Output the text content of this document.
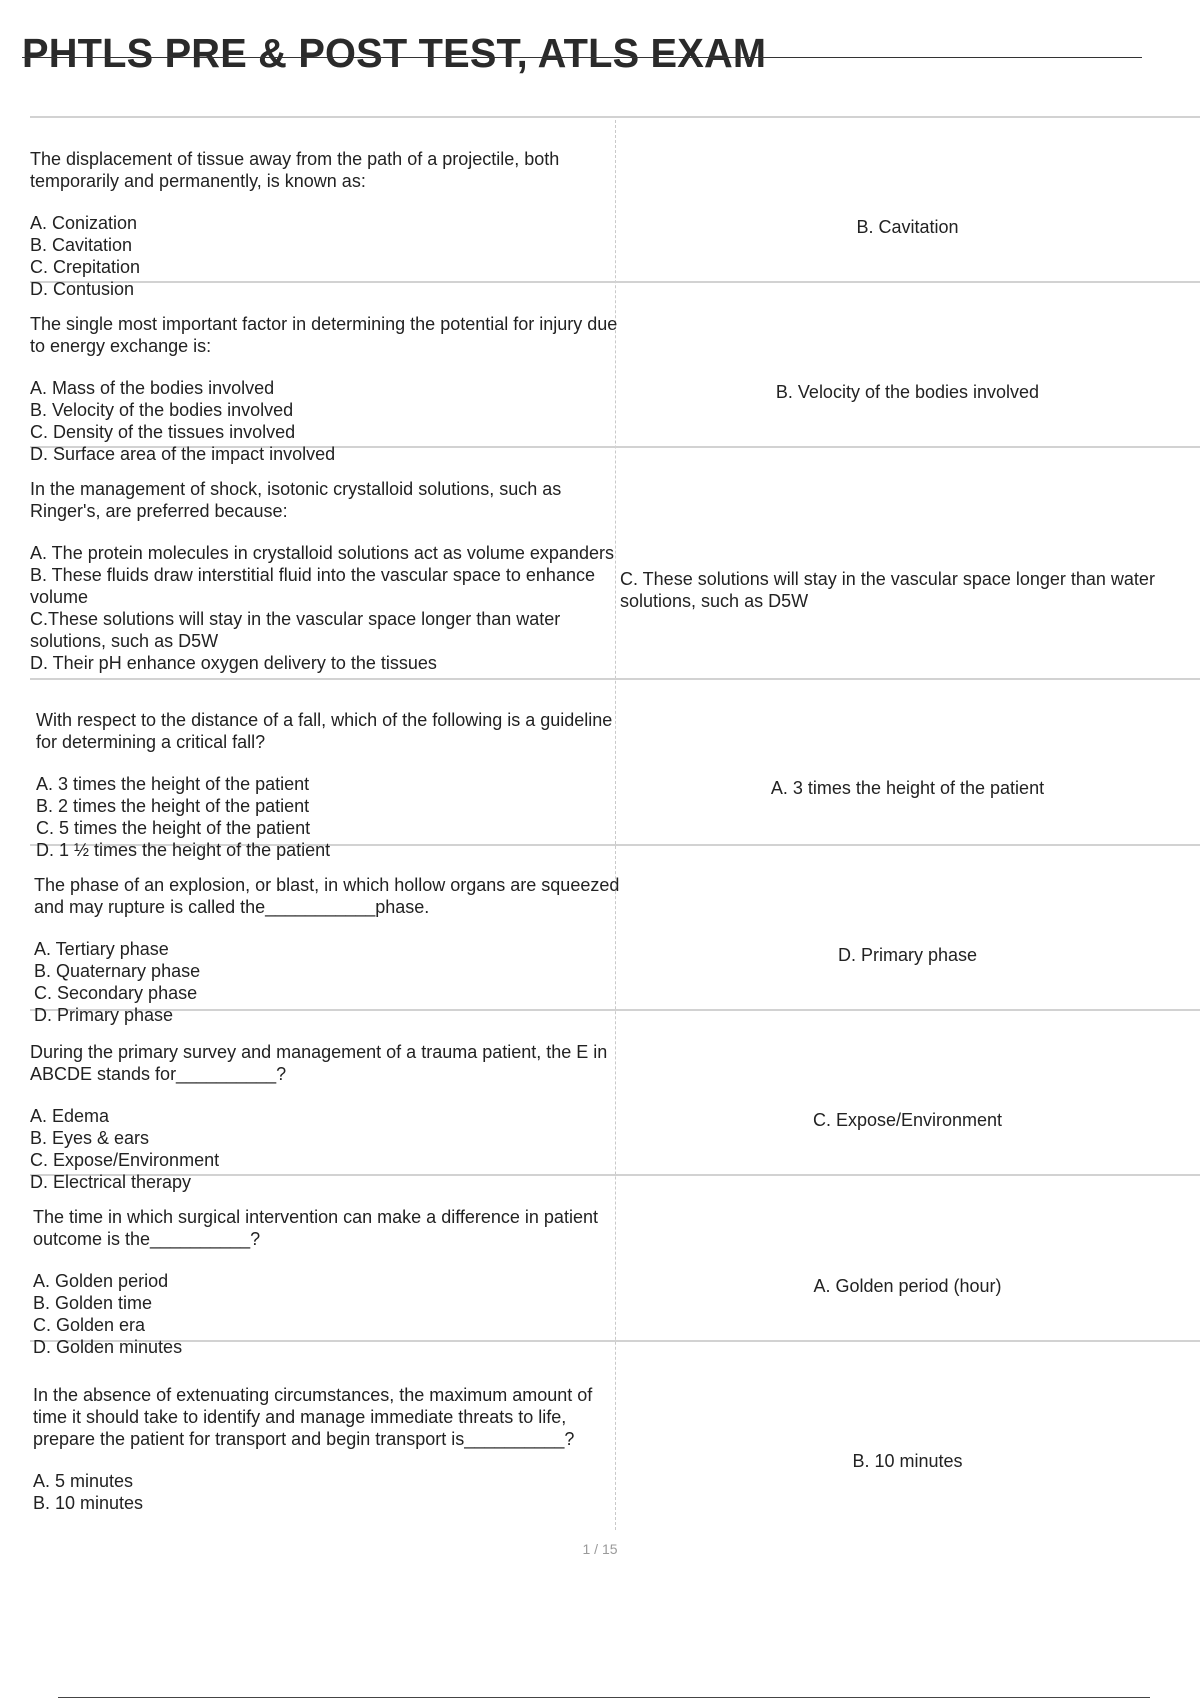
PHTLS PRE & POST TEST, ATLS EXAM

The displacement of tissue away from the path of a projectile, both temporarily and permanently, is known as:

A. Conization
B. Cavitation
C. Crepitation
D. Contusion
B. Cavitation

The single most important factor in determining the potential for injury due to energy exchange is:

A. Mass of the bodies involved
B. Velocity of the bodies involved
C. Density of the tissues involved
D. Surface area of the impact involved
B. Velocity of the bodies involved

In the management of shock, isotonic crystalloid solutions, such as Ringer's, are preferred because:

A. The protein molecules in crystalloid solutions act as volume expanders
B. These fluids draw interstitial fluid into the vascular space to enhance volume
C.These solutions will stay in the vascular space longer than water solutions, such as D5W
D. Their pH enhance oxygen delivery to the tissues
C. These solutions will stay in the vascular space longer than water solutions, such as D5W

With respect to the distance of a fall, which of the following is a guideline for determining a critical fall?

A. 3 times the height of the patient
B. 2 times the height of the patient
C. 5 times the height of the patient
D. 1 ½ times the height of the patient
A. 3 times the height of the patient

The phase of an explosion, or blast, in which hollow organs are squeezed and may rupture is called the___________phase.

A. Tertiary phase
B. Quaternary phase
C. Secondary phase
D. Primary phase
D. Primary phase

During the primary survey and management of a trauma patient, the E in ABCDE stands for__________?

A. Edema
B. Eyes & ears
C. Expose/Environment
D. Electrical therapy
C. Expose/Environment

The time in which surgical intervention can make a difference in patient outcome is the__________?

A. Golden period
B. Golden time
C. Golden era
D. Golden minutes
A. Golden period (hour)

In the absence of extenuating circumstances, the maximum amount of time it should take to identify and manage immediate threats to life, prepare the patient for transport and begin transport is__________?

A. 5 minutes
B. 10 minutes
B. 10 minutes
1 / 15
